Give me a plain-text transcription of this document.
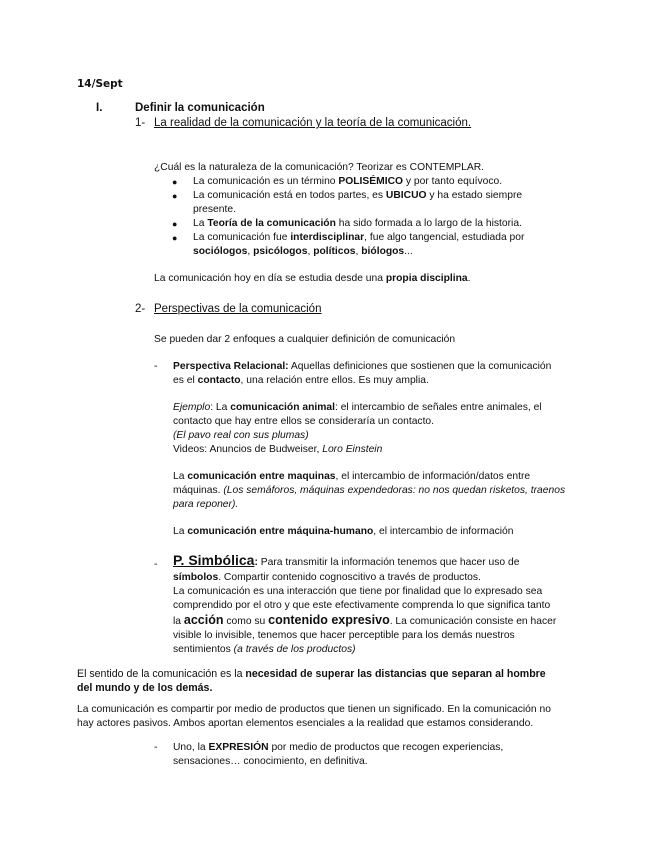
14/Sept
I.	Definir la comunicación
1- La realidad de la comunicación y la teoría de la comunicación.
¿Cuál es la naturaleza de la comunicación? Teorizar es CONTEMPLAR.
● La comunicación es un término POLISÉMICO y por tanto equívoco.
● La comunicación está en todos partes, es UBICUO y ha estado siempre
presente.
● La Teoría de la comunicación ha sido formada a lo largo de la historia.
● La comunicación fue interdisciplinar, fue algo tangencial, estudiada por
sociólogos, psicólogos, políticos, biólogos...
La comunicación hoy en día se estudia desde una propia disciplina.
2- Perspectivas de la comunicación
Se pueden dar 2 enfoques a cualquier definición de comunicación
- Perspectiva Relacional: Aquellas definiciones que sostienen que la comunicación
es el contacto, una relación entre ellos. Es muy amplia.
Ejemplo: La comunicación animal: el intercambio de señales entre animales, el
contacto que hay entre ellos se consideraría un contacto.
(El pavo real con sus plumas)
Videos: Anuncios de Budweiser, Loro Einstein
La comunicación entre maquinas, el intercambio de información/datos entre
máquinas. (Los semáforos, máquinas expendedoras: no nos quedan risketos, traenos
para reponer).
La comunicación entre máquina-humano, el intercambio de información
- P. Simbólica: Para transmitir la información tenemos que hacer uso de
símbolos. Compartir contenido cognoscitivo a través de productos.
La comunicación es una interacción que tiene por finalidad que lo expresado sea
comprendido por el otro y que este efectivamente comprenda lo que significa tanto
la acción como su contenido expresivo. La comunicación consiste en hacer
visible lo invisible, tenemos que hacer perceptible para los demás nuestros
sentimientos (a través de los productos)
El sentido de la comunicación es la necesidad de superar las distancias que separan al hombre
del mundo y de los demás.
La comunicación es compartir por medio de productos que tienen un significado. En la comunicación no
hay actores pasivos. Ambos aportan elementos esenciales a la realidad que estamos considerando.
- Uno, la EXPRESIÓN por medio de productos que recogen experiencias,
sensaciones… conocimiento, en definitiva.
